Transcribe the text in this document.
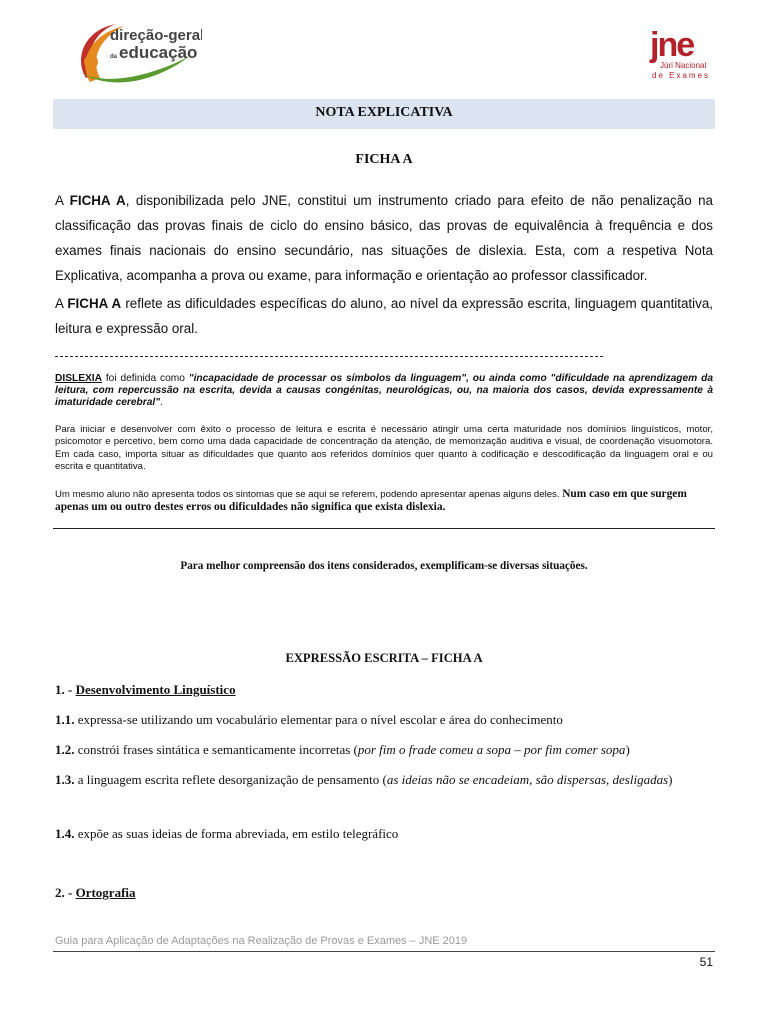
direção-geral
da educação	jne
Júri Nacional
de Exames
NOTA EXPLICATIVA
FICHA A
A FICHA A, disponibilizada pelo JNE, constitui um instrumento criado para efeito de não penalização na classificação das provas finais de ciclo do ensino básico, das provas de equivalência à frequência e dos exames finais nacionais do ensino secundário, nas situações de dislexia. Esta, com a respetiva Nota Explicativa, acompanha a prova ou exame, para informação e orientação ao professor classificador.
A FICHA A reflete as dificuldades específicas do aluno, ao nível da expressão escrita, linguagem quantitativa, leitura e expressão oral.
DISLEXIA foi definida como "incapacidade de processar os símbolos da linguagem", ou ainda como "dificuldade na aprendizagem da leitura, com repercussão na escrita, devida a causas congénitas, neurológicas, ou, na maioria dos casos, devida expressamente à imaturidade cerebral".
Para iniciar e desenvolver com êxito o processo de leitura e escrita é necessário atingir uma certa maturidade nos domínios linguísticos, motor, psicomotor e percetivo, bem como uma dada capacidade de concentração da atenção, de memorização auditiva e visual, de coordenação visuomotora. Em cada caso, importa situar as dificuldades que quanto aos referidos domínios quer quanto à codificação e descodificação da linguagem oral e ou escrita e quantitativa.
Um mesmo aluno não apresenta todos os sintomas que se aqui se referem, podendo apresentar apenas alguns deles. Num caso em que surgem apenas um ou outro destes erros ou dificuldades não significa que exista dislexia.
Para melhor compreensão dos itens considerados, exemplificam-se diversas situações.
EXPRESSÃO ESCRITA – FICHA A
1. - Desenvolvimento Linguístico
1.1. expressa-se utilizando um vocabulário elementar para o nível escolar e área do conhecimento
1.2. constrói frases sintática e semanticamente incorretas (por fim o frade comeu a sopa – por fim comer sopa)
1.3. a linguagem escrita reflete desorganização de pensamento (as ideias não se encadeiam, são dispersas, desligadas)
1.4. expõe as suas ideias de forma abreviada, em estilo telegráfico
2. - Ortografia
Guia para Aplicação de Adaptações na Realização de Provas e Exames – JNE 2019
51
